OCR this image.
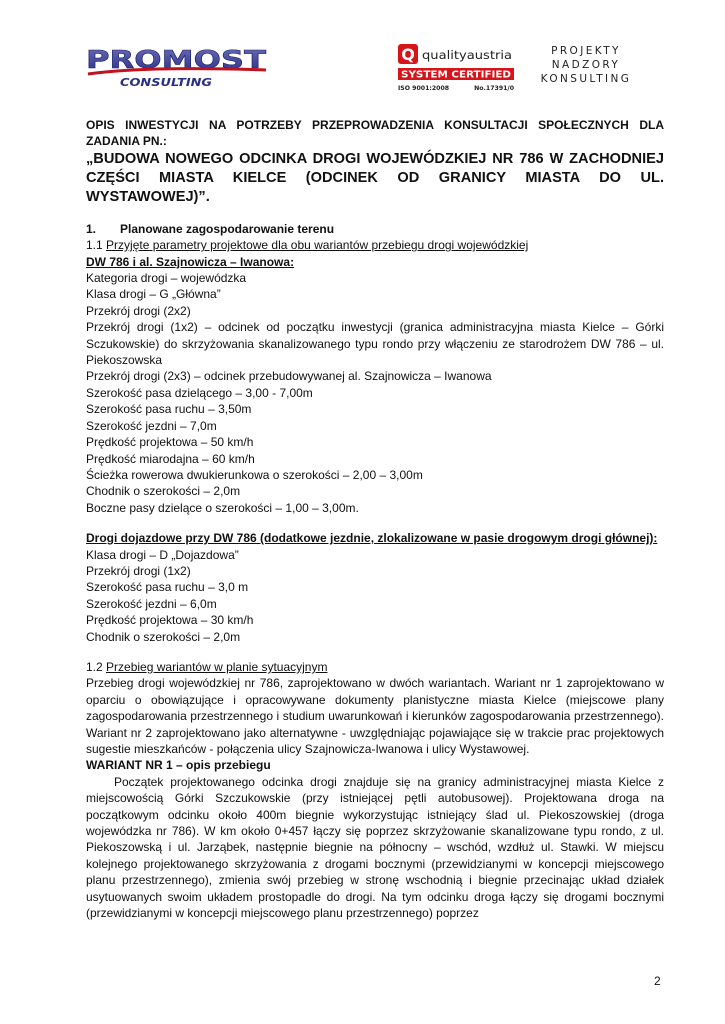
PROMOST
CONSULTING
Q qualityaustria
SYSTEM CERTIFIED
ISO 9001:2008	No.17391/0
PROJEKTY
NADZORY
KONSULTING

OPIS INWESTYCJI NA POTRZEBY PRZEPROWADZENIA KONSULTACJI SPOŁECZNYCH DLA ZADANIA PN.:

„BUDOWA NOWEGO ODCINKA DROGI WOJEWÓDZKIEJ NR 786 W ZACHODNIEJ CZĘŚCI MIASTA KIELCE (ODCINEK OD GRANICY MIASTA DO UL. WYSTAWOWEJ)”.

1. Planowane zagospodarowanie terenu

1.1 Przyjęte parametry projektowe dla obu wariantów przebiegu drogi wojewódzkiej

DW 786 i al. Szajnowicza – Iwanowa:

Kategoria drogi – wojewódzka

Klasa drogi – G „Główna”

Przekrój drogi (2x2)

Przekrój drogi (1x2) – odcinek od początku inwestycji (granica administracyjna miasta Kielce – Górki Sczukowskie) do skrzyżowania skanalizowanego typu rondo przy włączeniu ze starodrożem DW 786 – ul. Piekoszowska

Przekrój drogi (2x3) – odcinek przebudowywanej al. Szajnowicza – Iwanowa

Szerokość pasa dzielącego – 3,00 - 7,00m

Szerokość pasa ruchu – 3,50m

Szerokość jezdni – 7,0m

Prędkość projektowa – 50 km/h

Prędkość miarodajna – 60 km/h

Ścieżka rowerowa dwukierunkowa o szerokości – 2,00 – 3,00m

Chodnik o szerokości – 2,0m

Boczne pasy dzielące o szerokości – 1,00 – 3,00m.

Drogi dojazdowe przy DW 786 (dodatkowe jezdnie, zlokalizowane w pasie drogowym drogi głównej):

Klasa drogi – D „Dojazdowa”

Przekrój drogi (1x2)

Szerokość pasa ruchu – 3,0 m

Szerokość jezdni – 6,0m

Prędkość projektowa – 30 km/h

Chodnik o szerokości – 2,0m

1.2 Przebieg wariantów w planie sytuacyjnym

Przebieg drogi wojewódzkiej nr 786, zaprojektowano w dwóch wariantach. Wariant nr 1 zaprojektowano w oparciu o obowiązujące i opracowywane dokumenty planistyczne miasta Kielce (miejscowe plany zagospodarowania przestrzennego i studium uwarunkowań i kierunków zagospodarowania przestrzennego). Wariant nr 2 zaprojektowano jako alternatywne - uwzględniając pojawiające się w trakcie prac projektowych sugestie mieszkańców - połączenia ulicy Szajnowicza-Iwanowa i ulicy Wystawowej.

WARIANT NR 1 – opis przebiegu

Początek projektowanego odcinka drogi znajduje się na granicy administracyjnej miasta Kielce z miejscowością Górki Szczukowskie (przy istniejącej pętli autobusowej). Projektowana droga na początkowym odcinku około 400m biegnie wykorzystując istniejący ślad ul. Piekoszowskiej (droga wojewódzka nr 786). W km około 0+457 łączy się poprzez skrzyżowanie skanalizowane typu rondo, z ul. Piekoszowską i ul. Jarząbek, następnie biegnie na północny – wschód, wzdłuż ul. Stawki. W miejscu kolejnego projektowanego skrzyżowania z drogami bocznymi (przewidzianymi w koncepcji miejscowego planu przestrzennego), zmienia swój przebieg w stronę wschodnią i biegnie przecinając układ działek usytuowanych swoim układem prostopadle do drogi. Na tym odcinku droga łączy się drogami bocznymi (przewidzianymi w koncepcji miejscowego planu przestrzennego) poprzez

2
